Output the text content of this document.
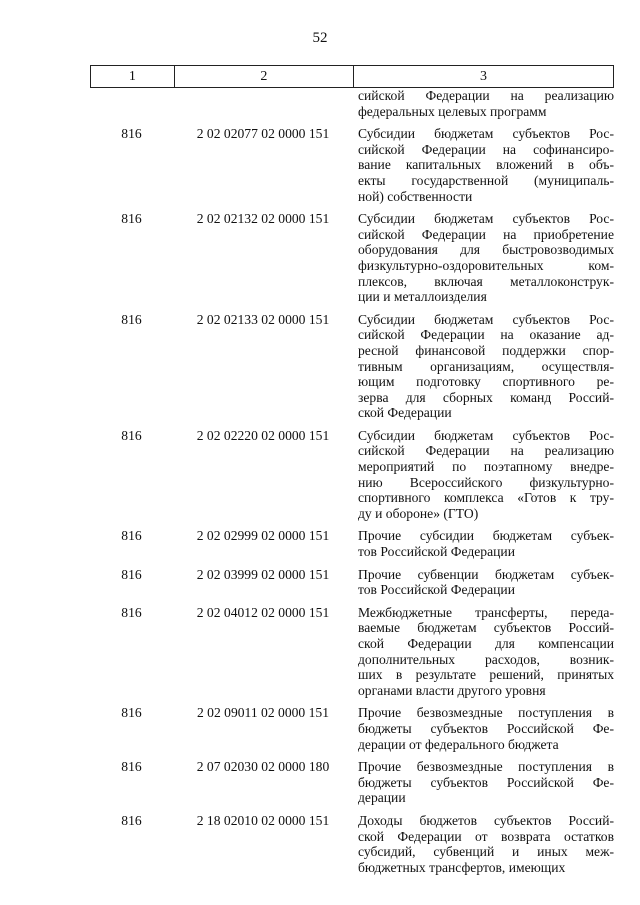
52
1	2	3
сийской Федерации на реализацию
федеральных целевых программ
816	2 02 02077 02 0000 151	Субсидии бюджетам субъектов Рос-
сийской Федерации на софинансиро-
вание капитальных вложений в объ-
екты государственной (муниципаль-
ной) собственности
816	2 02 02132 02 0000 151	Субсидии бюджетам субъектов Рос-
сийской Федерации на приобретение
оборудования для быстровозводимых
физкультурно-оздоровительных ком-
плексов, включая металлоконструк-
ции и металлоизделия
816	2 02 02133 02 0000 151	Субсидии бюджетам субъектов Рос-
сийской Федерации на оказание ад-
ресной финансовой поддержки спор-
тивным организациям, осуществля-
ющим подготовку спортивного ре-
зерва для сборных команд Россий-
ской Федерации
816	2 02 02220 02 0000 151	Субсидии бюджетам субъектов Рос-
сийской Федерации на реализацию
мероприятий по поэтапному внедре-
нию Всероссийского физкультурно-
спортивного комплекса «Готов к тру-
ду и обороне» (ГТО)
816	2 02 02999 02 0000 151	Прочие субсидии бюджетам субъек-
тов Российской Федерации
816	2 02 03999 02 0000 151	Прочие субвенции бюджетам субъек-
тов Российской Федерации
816	2 02 04012 02 0000 151	Межбюджетные трансферты, переда-
ваемые бюджетам субъектов Россий-
ской Федерации для компенсации
дополнительных расходов, возник-
ших в результате решений, принятых
органами власти другого уровня
816	2 02 09011 02 0000 151	Прочие безвозмездные поступления в
бюджеты субъектов Российской Фе-
дерации от федерального бюджета
816	2 07 02030 02 0000 180	Прочие безвозмездные поступления в
бюджеты субъектов Российской Фе-
дерации
816	2 18 02010 02 0000 151	Доходы бюджетов субъектов Россий-
ской Федерации от возврата остатков
субсидий, субвенций и иных меж-
бюджетных трансфертов, имеющих
